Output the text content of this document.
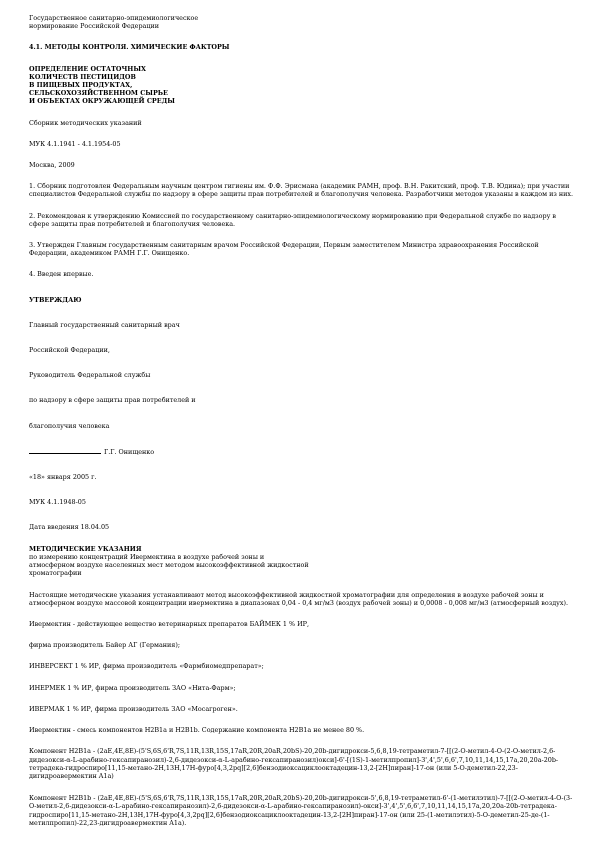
Государственное санитарно-эпидемиологическое

нормирование Российской Федерации

4.1. МЕТОДЫ КОНТРОЛЯ. ХИМИЧЕСКИЕ ФАКТОРЫ

ОПРЕДЕЛЕНИЕ ОСТАТОЧНЫХ
КОЛИЧЕСТВ ПЕСТИЦИДОВ
В ПИЩЕВЫХ ПРОДУКТАХ,
СЕЛЬСКОХОЗЯЙСТВЕННОМ СЫРЬЕ
И ОБЪЕКТАХ ОКРУЖАЮЩЕЙ СРЕДЫ

Сборник методических указаний

МУК 4.1.1941 - 4.1.1954-05

Москва, 2009

1. Сборник подготовлен Федеральным научным центром гигиены им. Ф.Ф. Эрисмана (академик РАМН, проф. В.Н. Ракитский, проф. Т.В. Юдина); при участии специалистов Федеральной службы по надзору в сфере защиты прав потребителей и благополучия человека. Разработчики методов указаны в каждом из них.

2. Рекомендован к утверждению Комиссией по государственному санитарно-эпидемиологическому нормированию при Федеральной службе по надзору в сфере защиты прав потребителей и благополучия человека.

3. Утвержден Главным государственным санитарным врачом Российской Федерации, Первым заместителем Министра здравоохранения Российской Федерации, академиком РАМН Г.Г. Онищенко.

4. Введен впервые.

УТВЕРЖДАЮ

Главный государственный санитарный врач

Российской Федерации,

Руководитель Федеральной службы

по надзору в сфере защиты прав потребителей и

благополучия человека

Г.Г. Онищенко

«18» января 2005 г.

МУК 4.1.1948-05

Дата введения 18.04.05

МЕТОДИЧЕСКИЕ УКАЗАНИЯ

по измерению концентраций Ивермектина в воздухе рабочей зоны и

атмосферном воздухе населенных мест методом высокоэффективной жидкостной

хроматографии

Настоящие методические указания устанавливают метод высокоэффективной жидкостной хроматографии для определения в воздухе рабочей зоны и атмосферном воздухе массовой концентрации ивермектина в диапазонах 0,04 - 0,4 мг/м3 (воздух рабочей зоны) и 0,0008 - 0,008 мг/м3 (атмосферный воздух).

Ивермектин - действующее вещество ветеринарных препаратов БАЙМЕК 1 % ИР,

фирма производитель Байер АГ (Германия);

ИНВЕРСЕКТ 1 % ИР, фирма производитель «Фармбиомедпрепарат»;

ИНЕРМЕК 1 % ИР, фирма производитель ЗАО «Нита-Фарм»;

ИВЕРМАК 1 % ИР, фирма производитель ЗАО «Мосагроген».

Ивермектин - смесь компонентов H2B1a и H2B1b. Содержание компонента H2B1a не менее 80 %.

Компонент H2B1a - (2aE,4E,8E)-(5'S,6S,6'R,7S,11R,13R,15S,17aR,20R,20aR,20bS)-20,20b-дигидрокси-5,6,8,19-тетраметил-7-[[(2-О-метил-4-О-(2-О-метил-2,6-дидезокси-α-L-арабино-гексапиранозил)-2,6-дидезокси-α-L-арабино-гексапиранозил)окси]-6'-[(1S)-1-метилпропил]-3',4',5',6,6',7,10,11,14,15,17a,20,20a-20b-тетрадека-гидроспиро[11,15-метано-2Н,13Н,17Н-фуро[4,3,2pq][2,6]бензодиоксациклооктадецин-13,2-[2H]пиран]-17-он (или 5-О-деметил-22,23-дигидроавермектин A1a)

Компонент H2B1b - (2aE,4E,8E)-(5'S,6S,6'R,7S,11R,13R,15S,17aR,20R,20aR,20bS)-20,20b-дигидрокси-5',6,8,19-тетраметил-6'-(1-метилэтил)-7-[[(2-О-метил-4-О-(3-О-метил-2,6-дидезокси-α-L-арабино-гексапиранозил)-2,6-дидезокси-α-L-арабино-гексапиранозил)-окси]-3',4',5',6,6',7,10,11,14,15,17a,20,20a-20b-тетрадека-гидроспиро[11,15-метано-2Н,13Н,17Н-фуро[4,3,2pq][2,6]бензодиоксациклооктадецин-13,2-[2H]пиран]-17-он (или 25-(1-метилэтил)-5-О-деметил-25-де-(1-метилпропил)-22,23-дигидроавермектин A1a).
